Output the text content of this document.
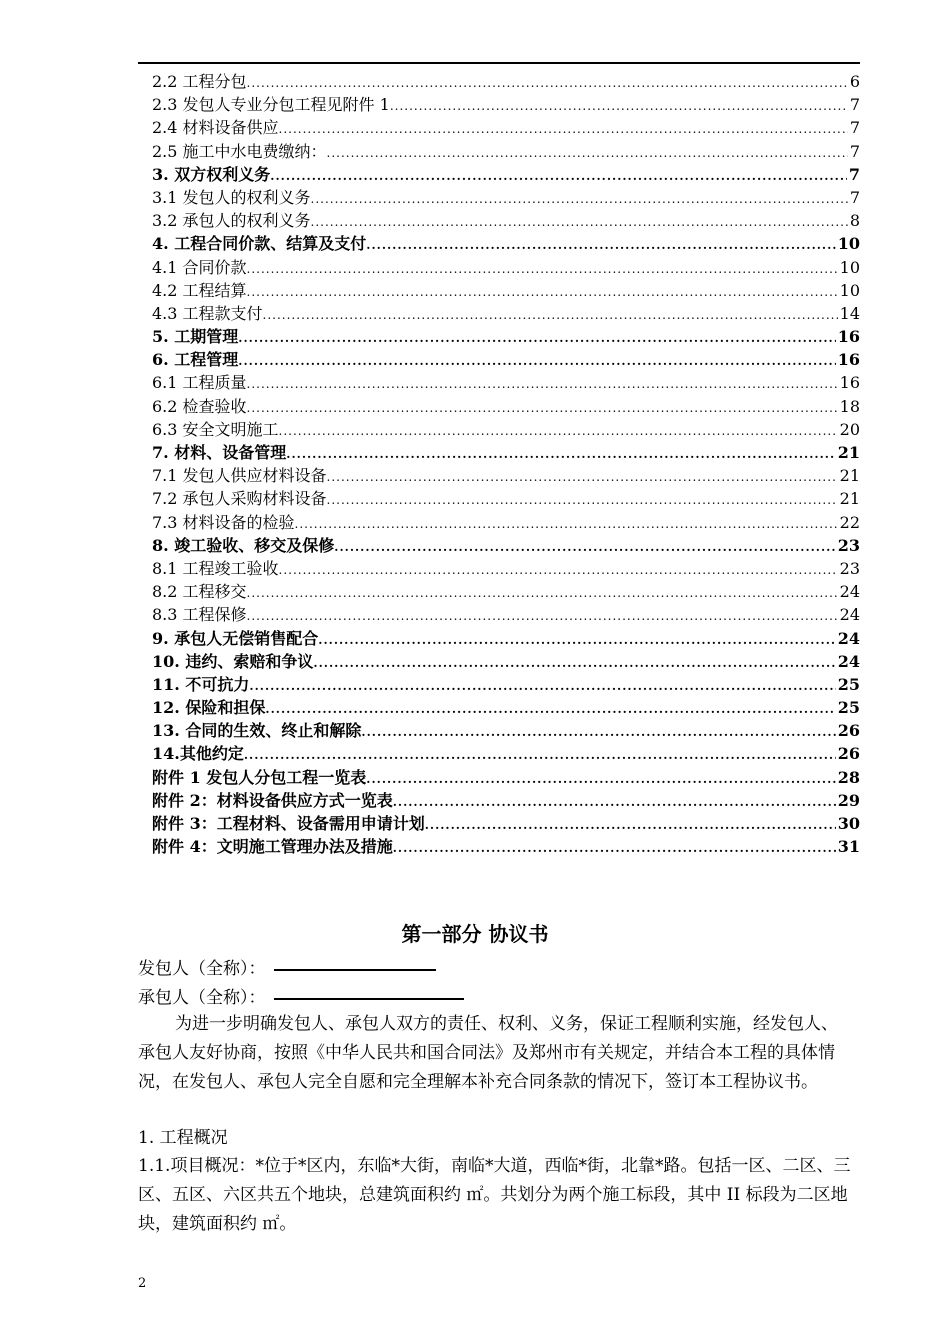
2.2 工程分包 .....	6
2.3 发包人专业分包工程见附件 1 .....	7
2.4 材料设备供应 .....	7
2.5 施工中水电费缴纳： .....	7
3. 双方权利义务 .....	7
3.1 发包人的权利义务 .....	7
3.2 承包人的权利义务 .....	8
4. 工程合同价款、结算及支付 .....	10
4.1 合同价款 .....	10
4.2 工程结算 .....	10
4.3 工程款支付 .....	14
5. 工期管理 .....	16
6. 工程管理 .....	16
6.1 工程质量 .....	16
6.2 检查验收 .....	18
6.3 安全文明施工 .....	20
7. 材料、设备管理 .....	21
7.1 发包人供应材料设备 .....	21
7.2 承包人采购材料设备 .....	21
7.3 材料设备的检验 .....	22
8. 竣工验收、移交及保修 .....	23
8.1 工程竣工验收 .....	23
8.2 工程移交 .....	24
8.3 工程保修 .....	24
9. 承包人无偿销售配合 .....	24
10. 违约、索赔和争议 .....	24
11. 不可抗力 .....	25
12. 保险和担保 .....	25
13. 合同的生效、终止和解除 .....	26
14.其他约定 .....	26
附件 1 发包人分包工程一览表 .....	28
附件 2：材料设备供应方式一览表 .....	29
附件 3：工程材料、设备需用申请计划 .....	30
附件 4：文明施工管理办法及措施 .....	31
第一部分 协议书
发包人（全称）：
承包人（全称）：
为进一步明确发包人、承包人双方的责任、权利、义务，保证工程顺利实施，经发包人、承包人友好协商，按照《中华人民共和国合同法》及郑州市有关规定，并结合本工程的具体情况，在发包人、承包人完全自愿和完全理解本补充合同条款的情况下，签订本工程协议书。
1. 工程概况
1.1.项目概况：*位于*区内，东临*大街，南临*大道，西临*街，北靠*路。包括一区、二区、三区、五区、六区共五个地块，总建筑面积约 ㎡。共划分为两个施工标段，其中 II 标段为二区地块，建筑面积约 ㎡。
2
